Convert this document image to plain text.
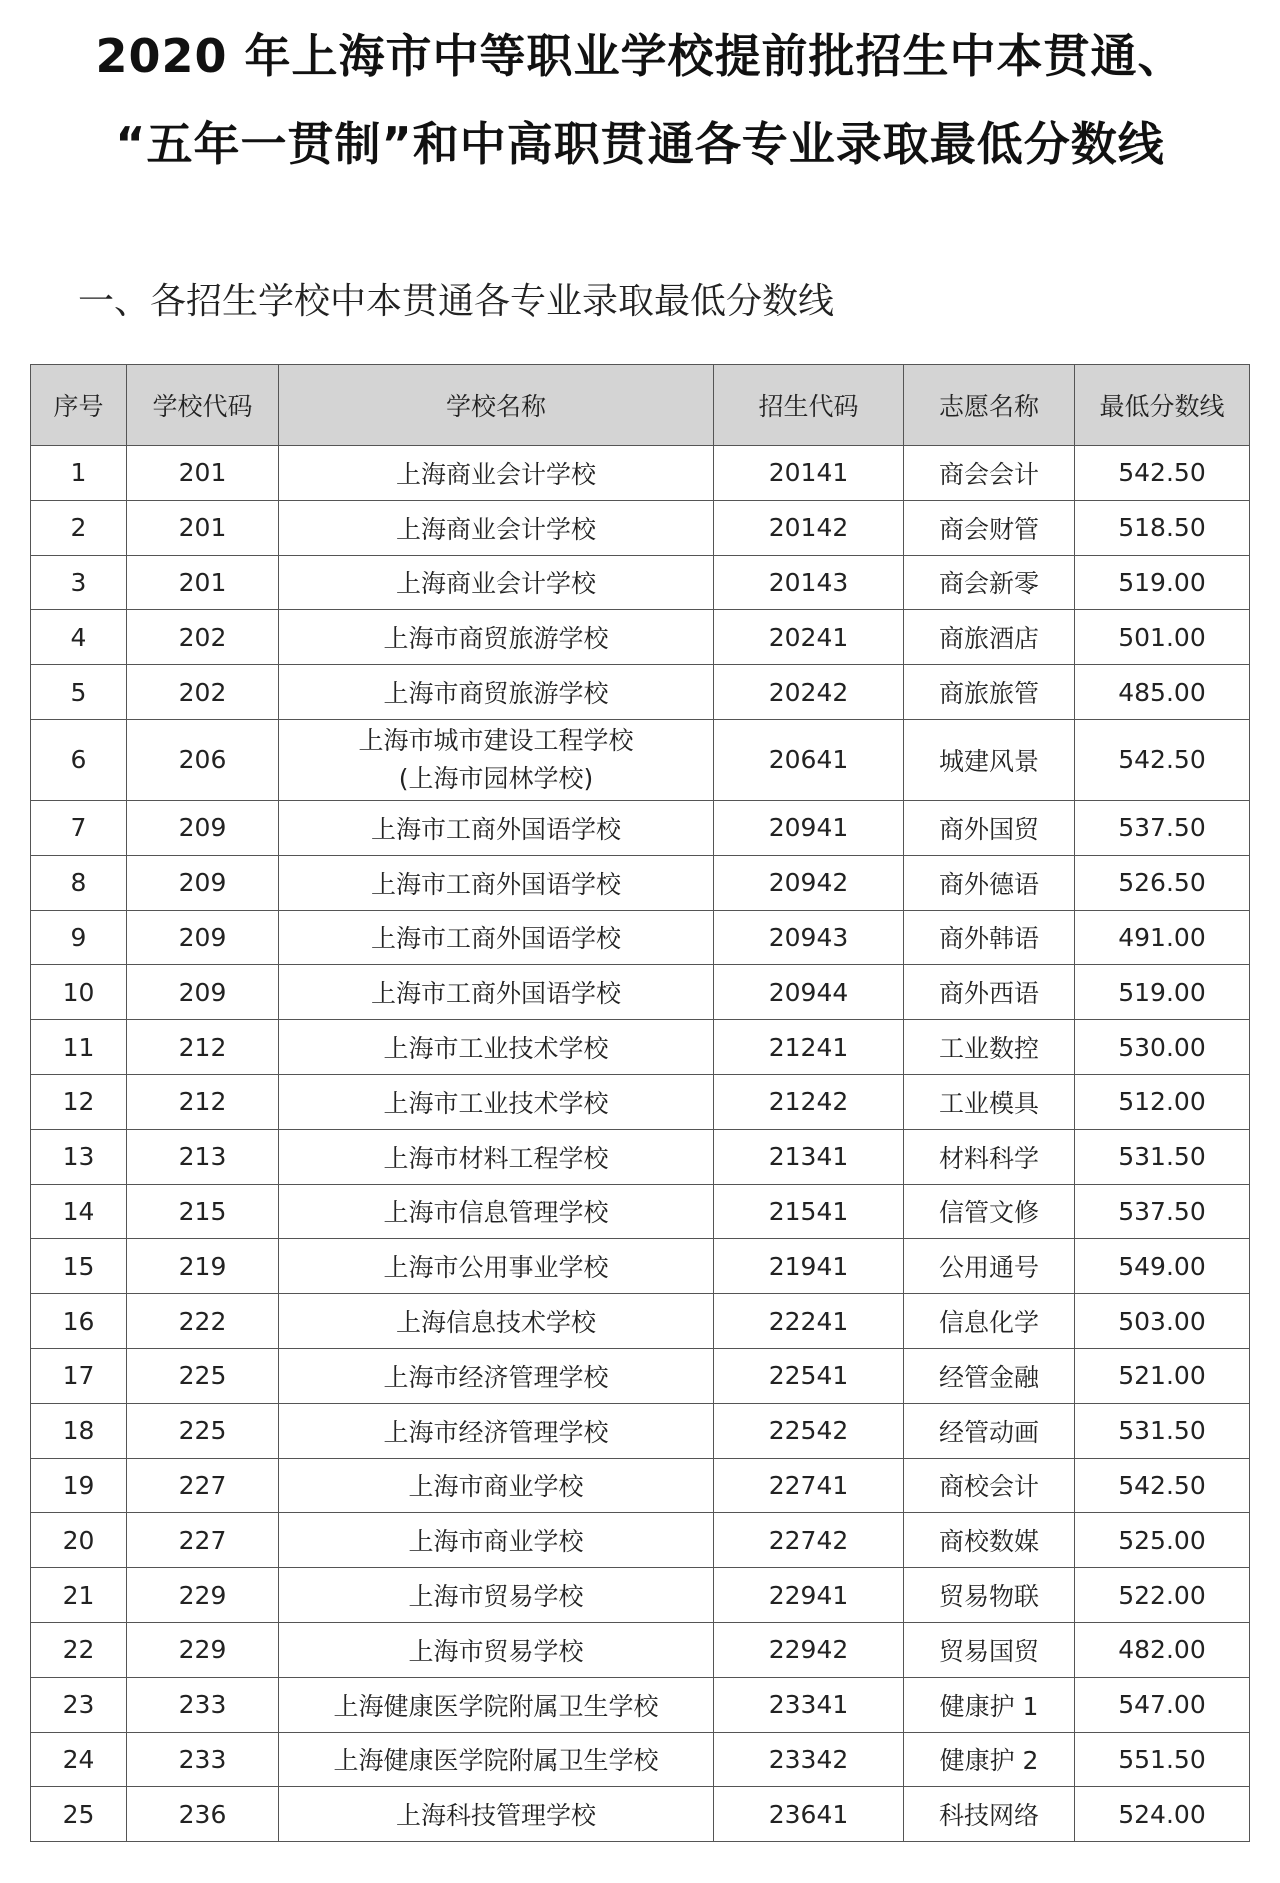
2020 年上海市中等职业学校提前批招生中本贯通、
“五年一贯制”和中高职贯通各专业录取最低分数线
一、各招生学校中本贯通各专业录取最低分数线
序号	学校代码	学校名称	招生代码	志愿名称	最低分数线
1	201	上海商业会计学校	20141	商会会计	542.50
2	201	上海商业会计学校	20142	商会财管	518.50
3	201	上海商业会计学校	20143	商会新零	519.00
4	202	上海市商贸旅游学校	20241	商旅酒店	501.00
5	202	上海市商贸旅游学校	20242	商旅旅管	485.00
6	206	上海市城市建设工程学校
(上海市园林学校)	20641	城建风景	542.50
7	209	上海市工商外国语学校	20941	商外国贸	537.50
8	209	上海市工商外国语学校	20942	商外德语	526.50
9	209	上海市工商外国语学校	20943	商外韩语	491.00
10	209	上海市工商外国语学校	20944	商外西语	519.00
11	212	上海市工业技术学校	21241	工业数控	530.00
12	212	上海市工业技术学校	21242	工业模具	512.00
13	213	上海市材料工程学校	21341	材料科学	531.50
14	215	上海市信息管理学校	21541	信管文修	537.50
15	219	上海市公用事业学校	21941	公用通号	549.00
16	222	上海信息技术学校	22241	信息化学	503.00
17	225	上海市经济管理学校	22541	经管金融	521.00
18	225	上海市经济管理学校	22542	经管动画	531.50
19	227	上海市商业学校	22741	商校会计	542.50
20	227	上海市商业学校	22742	商校数媒	525.00
21	229	上海市贸易学校	22941	贸易物联	522.00
22	229	上海市贸易学校	22942	贸易国贸	482.00
23	233	上海健康医学院附属卫生学校	23341	健康护 1	547.00
24	233	上海健康医学院附属卫生学校	23342	健康护 2	551.50
25	236	上海科技管理学校	23641	科技网络	524.00
